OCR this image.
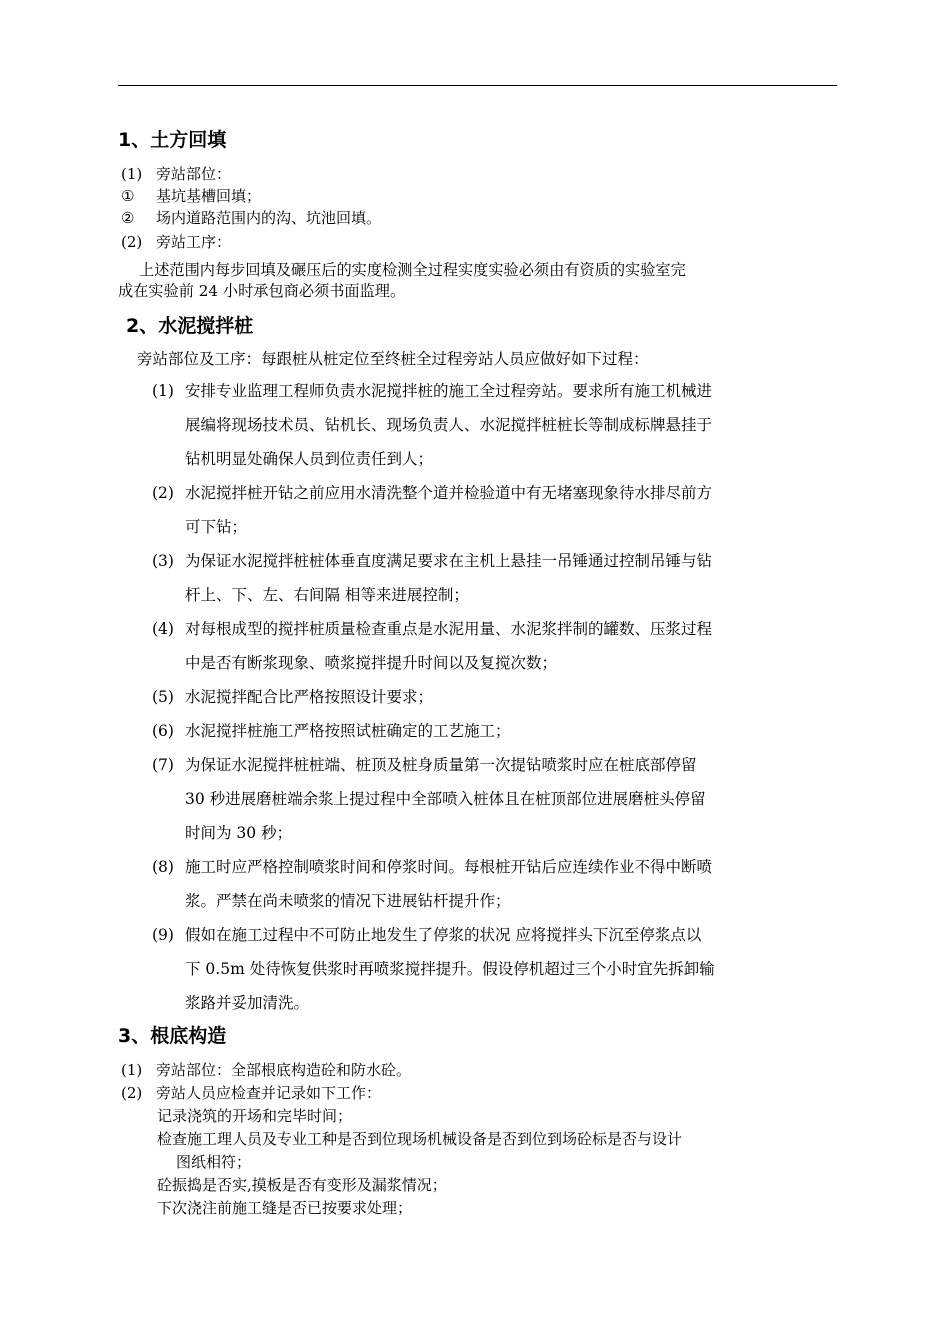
1、土方回填
(1) 旁站部位：
① 基坑基槽回填；
② 场内道路范围内的沟、坑池回填。
(2) 旁站工序：
上述范围内每步回填及碾压后的实度检测全过程实度实验必须由有资质的实验室完
成在实验前 24 小时承包商必须书面监理。
2、水泥搅拌桩
旁站部位及工序：每跟桩从桩定位至终桩全过程旁站人员应做好如下过程：
(1) 安排专业监理工程师负责水泥搅拌桩的施工全过程旁站。要求所有施工机械进
展编将现场技术员、钻机长、现场负责人、水泥搅拌桩桩长等制成标牌悬挂于
钻机明显处确保人员到位责任到人；
(2) 水泥搅拌桩开钻之前应用水清洗整个道并检验道中有无堵塞现象待水排尽前方
可下钻；
(3) 为保证水泥搅拌桩桩体垂直度满足要求在主机上悬挂一吊锤通过控制吊锤与钻
杆上、下、左、右间隔 相等来进展控制；
(4) 对每根成型的搅拌桩质量检查重点是水泥用量、水泥浆拌制的罐数、压浆过程
中是否有断浆现象、喷浆搅拌提升时间以及复搅次数；
(5) 水泥搅拌配合比严格按照设计要求；
(6) 水泥搅拌桩施工严格按照试桩确定的工艺施工；
(7) 为保证水泥搅拌桩桩端、桩顶及桩身质量第一次提钻喷浆时应在桩底部停留
30 秒进展磨桩端余浆上提过程中全部喷入桩体且在桩顶部位进展磨桩头停留
时间为 30 秒；
(8) 施工时应严格控制喷浆时间和停浆时间。每根桩开钻后应连续作业不得中断喷
浆。严禁在尚未喷浆的情况下进展钻杆提升作；
(9) 假如在施工过程中不可防止地发生了停浆的状况 应将搅拌头下沉至停浆点以
下 0.5m 处待恢复供浆时再喷浆搅拌提升。假设停机超过三个小时宜先拆卸输
浆路并妥加清洗。
3、根底构造
(1) 旁站部位：全部根底构造砼和防水砼。
(2) 旁站人员应检查并记录如下工作：
记录浇筑的开场和完毕时间；
检查施工理人员及专业工种是否到位现场机械设备是否到位到场砼标是否与设计
图纸相符；
砼振捣是否实,摸板是否有变形及漏浆情况；
下次浇注前施工缝是否已按要求处理；
